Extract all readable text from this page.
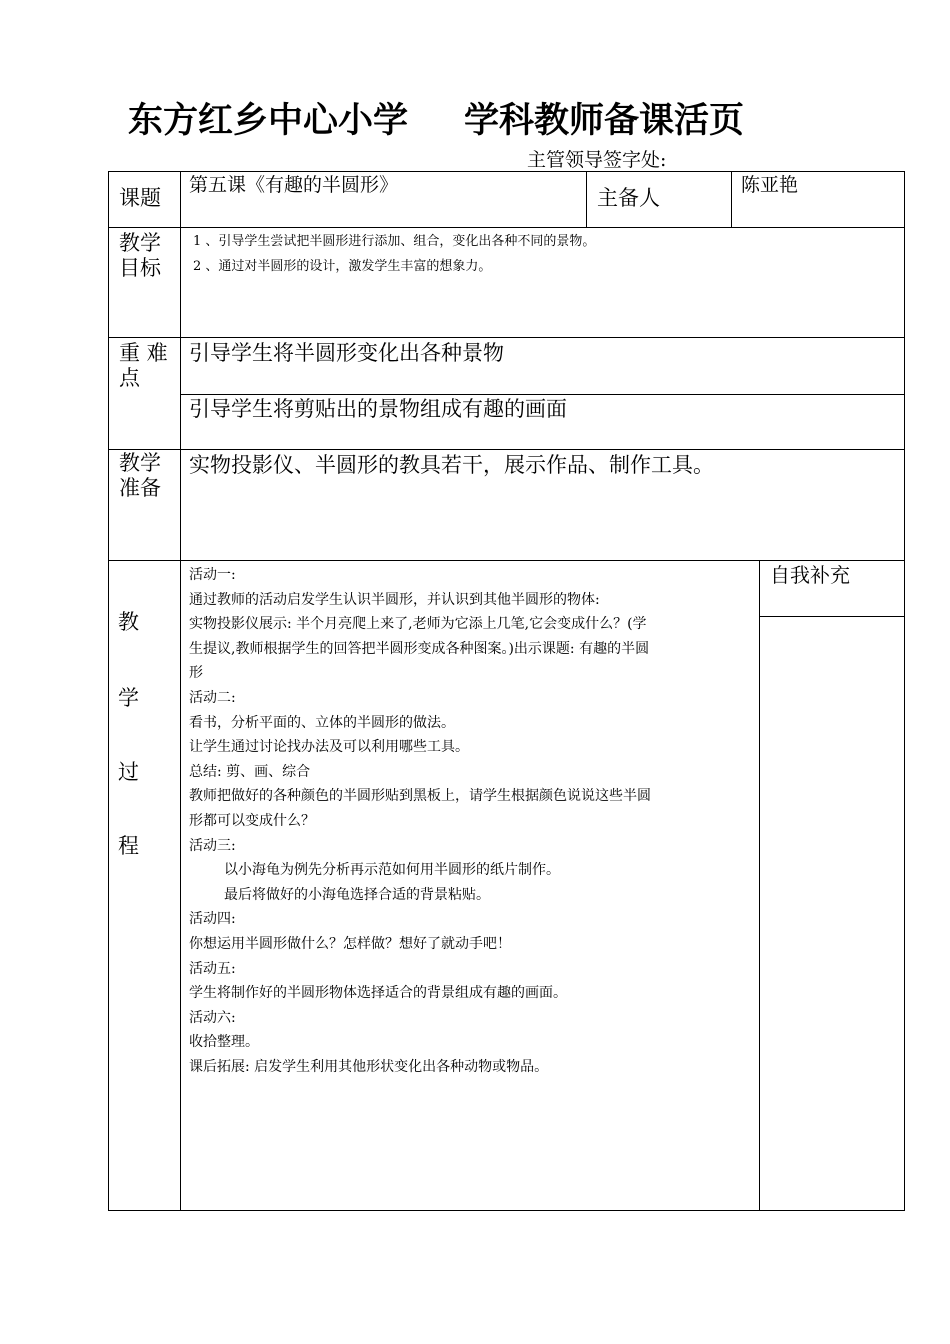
东方红乡中心小学 学科教师备课活页
主管领导签字处:
课题
第五课《有趣的半圆形》
主备人
陈亚艳
教学
目标
1 、引导学生尝试把半圆形进行添加、组合，变化出各种不同的景物。
2 、通过对半圆形的设计，激发学生丰富的想象力。
重 难
点
引导学生将半圆形变化出各种景物
引导学生将剪贴出的景物组成有趣的画面
教学
准备
实物投影仪、半圆形的教具若干，展示作品、制作工具。
教
学
过
程
自我补充
活动一:
通过教师的活动启发学生认识半圆形，并认识到其他半圆形的物体:
实物投影仪展示: 半个月亮爬上来了,老师为它添上几笔,它会变成什么？(学
生提议,教师根据学生的回答把半圆形变成各种图案。)出示课题: 有趣的半圆
形
活动二:
看书，分析平面的、立体的半圆形的做法。
让学生通过讨论找办法及可以利用哪些工具。
总结: 剪、画、综合
教师把做好的各种颜色的半圆形贴到黑板上，请学生根据颜色说说这些半圆
形都可以变成什么？
活动三:
以小海龟为例先分析再示范如何用半圆形的纸片制作。
最后将做好的小海龟选择合适的背景粘贴。
活动四:
你想运用半圆形做什么？怎样做？想好了就动手吧！
活动五:
学生将制作好的半圆形物体选择适合的背景组成有趣的画面。
活动六:
收拾整理。
课后拓展: 启发学生利用其他形状变化出各种动物或物品。
